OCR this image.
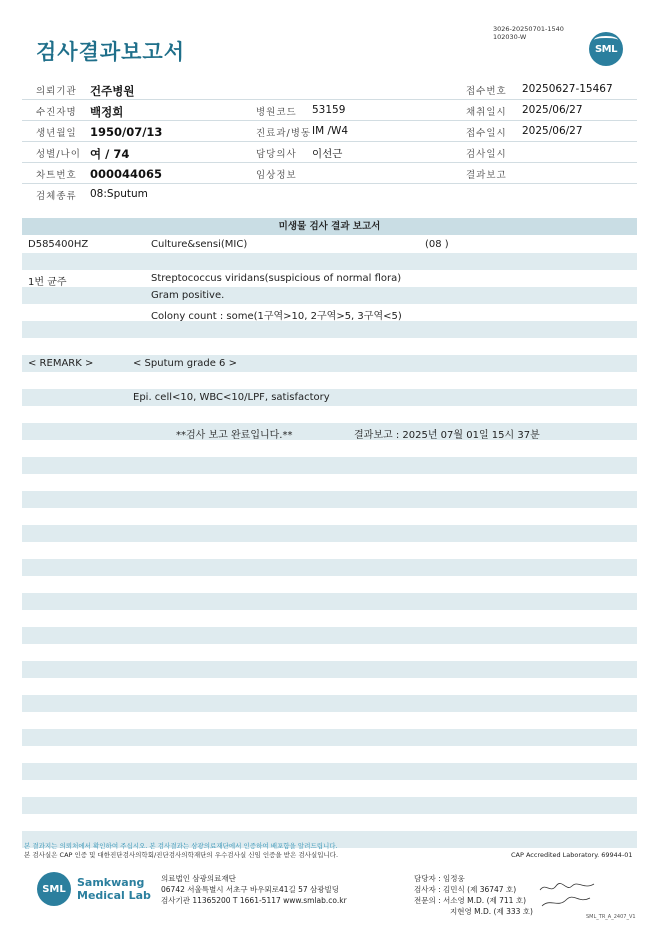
검사결과보고서
3026-20250701-1540
102030-W
SML
의뢰기관 건주병원	접수번호 20250627-15467
수진자명 백정희	병원코드 53159	채취일시 2025/06/27
생년월일 1950/07/13	진료과/병동 IM /W4	접수일시 2025/06/27
성별/나이 여 / 74	담당의사 이선근	검사일시
차트번호 000044065	임상정보	결과보고
검체종류 08:Sputum
미생물 검사 결과 보고서
D585400HZ	Culture&sensi(MIC)	(08 )
1번 균주	Streptococcus viridans(suspicious of normal flora)
Gram positive.
Colony count : some(1구역>10, 2구역>5, 3구역<5)
< REMARK >	< Sputum grade 6 >
Epi. cell<10, WBC<10/LPF, satisfactory
**검사 보고 완료입니다.**	결과보고 : 2025년 07월 01일 15시 37분
본 결과지는 의뢰처에서 확인하여 주십시오. 본 검사결과는 삼광의료재단에서 인증하여 배포함을 알려드립니다.
본 검사실은 CAP 인증 및 대한진단검사의학회/진단검사의학재단의 우수검사실 신임 인증을 받은 검사실입니다.	CAP Accredited Laboratory. 69944-01
SML	Samkwang
Medical Lab
의료법인 삼광의료재단
06742 서울특별시 서초구 바우뫼로41길 57 삼광빌딩
검사기관 11365200 T 1661-5117 www.smlab.co.kr
담당자 : 임정웅
검사자 : 김민식 (제 36747 호)
전문의 : 서소영 M.D. (제 711 호)
지현영 M.D. (제 333 호)
SML_TR_A_2407_V1
